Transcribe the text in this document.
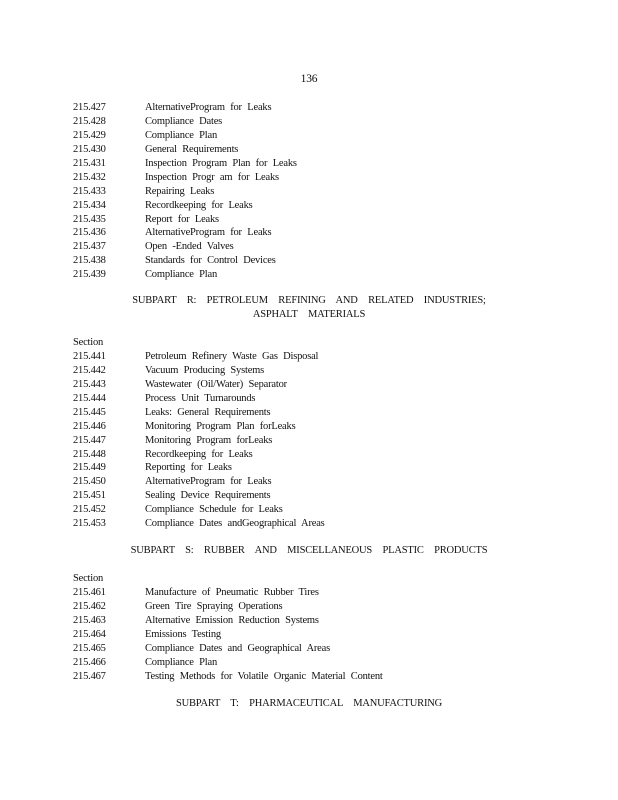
136
215.427	AlternativeProgram for Leaks
215.428	Compliance Dates
215.429	Compliance Plan
215.430	General Requirements
215.431	Inspection Program Plan for Leaks
215.432	Inspection Progr am for Leaks
215.433	Repairing Leaks
215.434	Recordkeeping for Leaks
215.435	Report for Leaks
215.436	AlternativeProgram for Leaks
215.437	Open -Ended Valves
215.438	Standards for Control Devices
215.439	Compliance Plan
SUBPART R: PETROLEUM REFINING AND RELATED INDUSTRIES;
ASPHALT MATERIALS
Section
215.441	Petroleum Refinery Waste Gas Disposal
215.442	Vacuum Producing Systems
215.443	Wastewater (Oil/Water) Separator
215.444	Process Unit Turnarounds
215.445	Leaks: General Requirements
215.446	Monitoring Program Plan forLeaks
215.447	Monitoring Program forLeaks
215.448	Recordkeeping for Leaks
215.449	Reporting for Leaks
215.450	AlternativeProgram for Leaks
215.451	Sealing Device Requirements
215.452	Compliance Schedule for Leaks
215.453	Compliance Dates andGeographical Areas
SUBPART S: RUBBER AND MISCELLANEOUS PLASTIC PRODUCTS
Section
215.461	Manufacture of Pneumatic Rubber Tires
215.462	Green Tire Spraying Operations
215.463	Alternative Emission Reduction Systems
215.464	Emissions Testing
215.465	Compliance Dates and Geographical Areas
215.466	Compliance Plan
215.467	Testing Methods for Volatile Organic Material Content
SUBPART T: PHARMACEUTICAL MANUFACTURING
